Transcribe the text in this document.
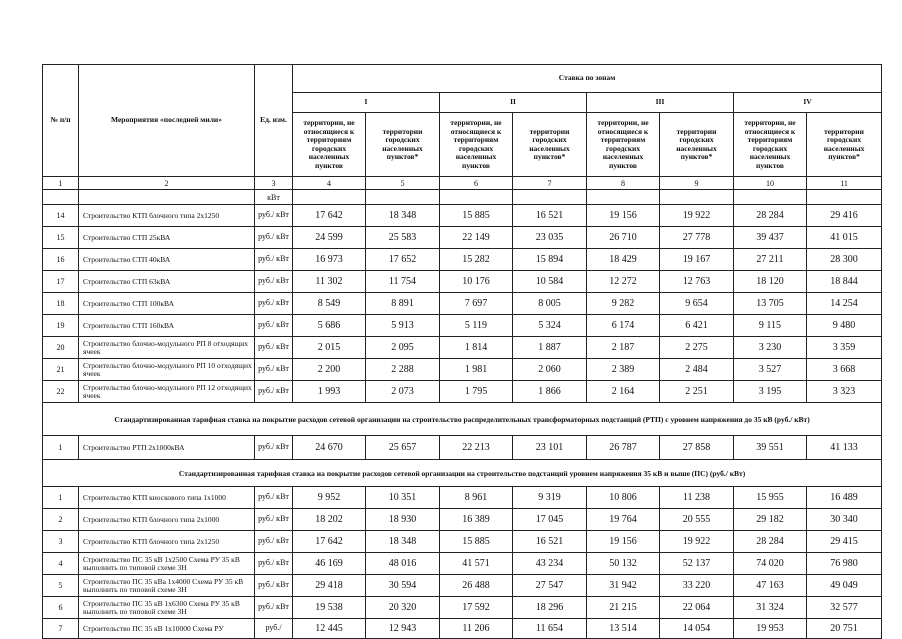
№ п/п	Мероприятия «последней мили»	Ед. изм.	Ставка по зонам							
			I		II		III		IV	
			территории, не относящиеся к территориям городских населенных пунктов	территории городских населенных пунктов*	территории, не относящиеся к территориям городских населенных пунктов	территории городских населенных пунктов*	территории, не относящиеся к территориям городских населенных пунктов	территории городских населенных пунктов*	территории, не относящиеся к территориям городских населенных пунктов	территории городских населенных пунктов*
1	2	3	4	5	6	7	8	9	10	11
		кВт								
14	Строительство КТП блочного типа 2х1250	руб./ кВт	17 642	18 348	15 885	16 521	19 156	19 922	28 284	29 416
15	Строительство СТП 25кВА	руб./ кВт	24 599	25 583	22 149	23 035	26 710	27 778	39 437	41 015
16	Строительство СТП 40кВА	руб./ кВт	16 973	17 652	15 282	15 894	18 429	19 167	27 211	28 300
17	Строительство СТП 63кВА	руб./ кВт	11 302	11 754	10 176	10 584	12 272	12 763	18 120	18 844
18	Строительство СТП 100кВА	руб./ кВт	8 549	8 891	7 697	8 005	9 282	9 654	13 705	14 254
19	Строительство СТП 160кВА	руб./ кВт	5 686	5 913	5 119	5 324	6 174	6 421	9 115	9 480
20	Строительство блочно-модульного РП 8 отходящих ячеек	руб./ кВт	2 015	2 095	1 814	1 887	2 187	2 275	3 230	3 359
21	Строительство блочно-модульного РП 10 отходящих ячеек	руб./ кВт	2 200	2 288	1 981	2 060	2 389	2 484	3 527	3 668
22	Строительство блочно-модульного РП 12 отходящих ячеек	руб./ кВт	1 993	2 073	1 795	1 866	2 164	2 251	3 195	3 323
Стандартизированная тарифная ставка на покрытие расходов сетевой организации на строительство распределительных трансформаторных подстанций (РТП) с уровнем напряжения до 35 кВ (руб./ кВт)										
1	Строительство РТП 2х1000кВА	руб./ кВт	24 670	25 657	22 213	23 101	26 787	27 858	39 551	41 133
Стандартизированная тарифная ставка на покрытие расходов сетевой организации на строительство подстанций уровнем напряжения 35 кВ и выше (ПС) (руб./ кВт)										
1	Строительство КТП киоскового типа 1х1000	руб./ кВт	9 952	10 351	8 961	9 319	10 806	11 238	15 955	16 489
2	Строительство КТП блочного типа 2х1000	руб./ кВт	18 202	18 930	16 389	17 045	19 764	20 555	29 182	30 340
3	Строительство КТП блочного типа 2х1250	руб./ кВт	17 642	18 348	15 885	16 521	19 156	19 922	28 284	29 415
4	Строительство ПС 35 кВ 1х2500 Схема РУ 35 кВ выполнить по типовой схеме 3Н	руб./ кВт	46 169	48 016	41 571	43 234	50 132	52 137	74 020	76 980
5	Строительство ПС 35 кВа 1х4000 Схема РУ 35 кВ выполнить по типовой схеме 3Н	руб./ кВт	29 418	30 594	26 488	27 547	31 942	33 220	47 163	49 049
6	Строительство ПС 35 кВ 1х6300 Схема РУ 35 кВ выполнить по типовой схеме 3Н	руб./ кВт	19 538	20 320	17 592	18 296	21 215	22 064	31 324	32 577
7	Строительство ПС 35 кВ 1х10000 Схема РУ	руб./	12 445	12 943	11 206	11 654	13 514	14 054	19 953	20 751
